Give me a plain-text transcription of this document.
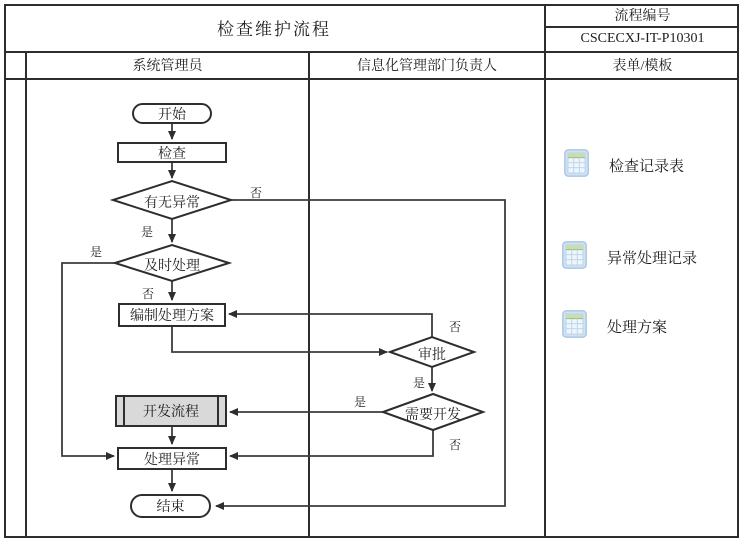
检查维护流程
流程编号
CSCECXJ-IT-P10301
系统管理员	信息化管理部门负责人	表单/模板
开始
检查
编制处理方案
开发流程
处理异常
结束
有无异常
及时处理
审批
需要开发
否
是
是
否
否
是
是
否
检查记录表
异常处理记录
处理方案
